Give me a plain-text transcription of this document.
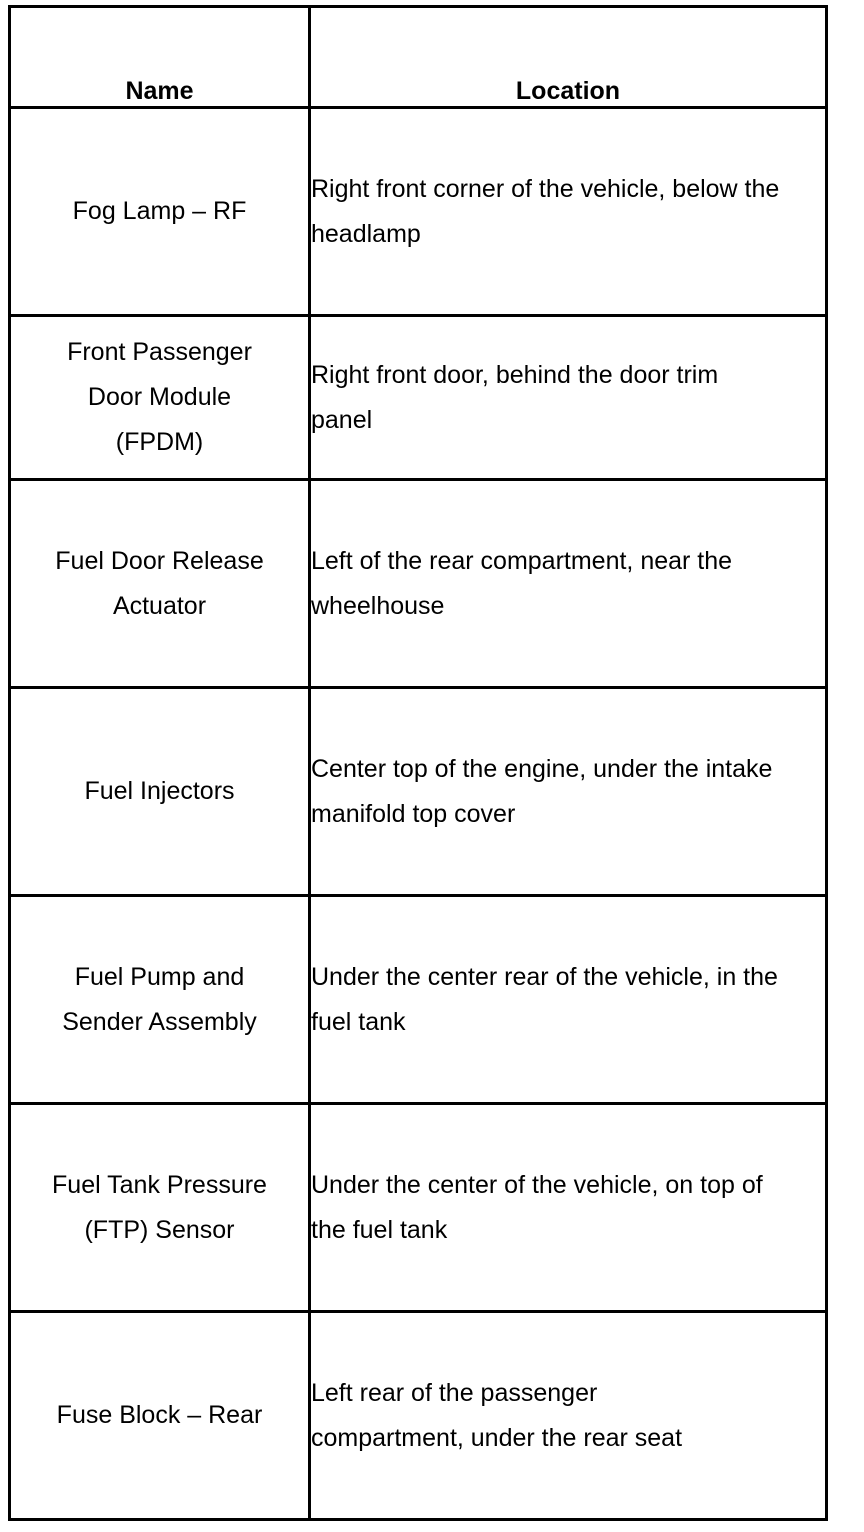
Name	Location
Fog Lamp – RF	Right front corner of the vehicle, below the headlamp
Front Passenger Door Module (FPDM)	Right front door, behind the door trim panel
Fuel Door Release Actuator	Left of the rear compartment, near the wheelhouse
Fuel Injectors	Center top of the engine, under the intake manifold top cover
Fuel Pump and Sender Assembly	Under the center rear of the vehicle, in the fuel tank
Fuel Tank Pressure (FTP) Sensor	Under the center of the vehicle, on top of the fuel tank
Fuse Block – Rear	Left rear of the passenger compartment, under the rear seat
